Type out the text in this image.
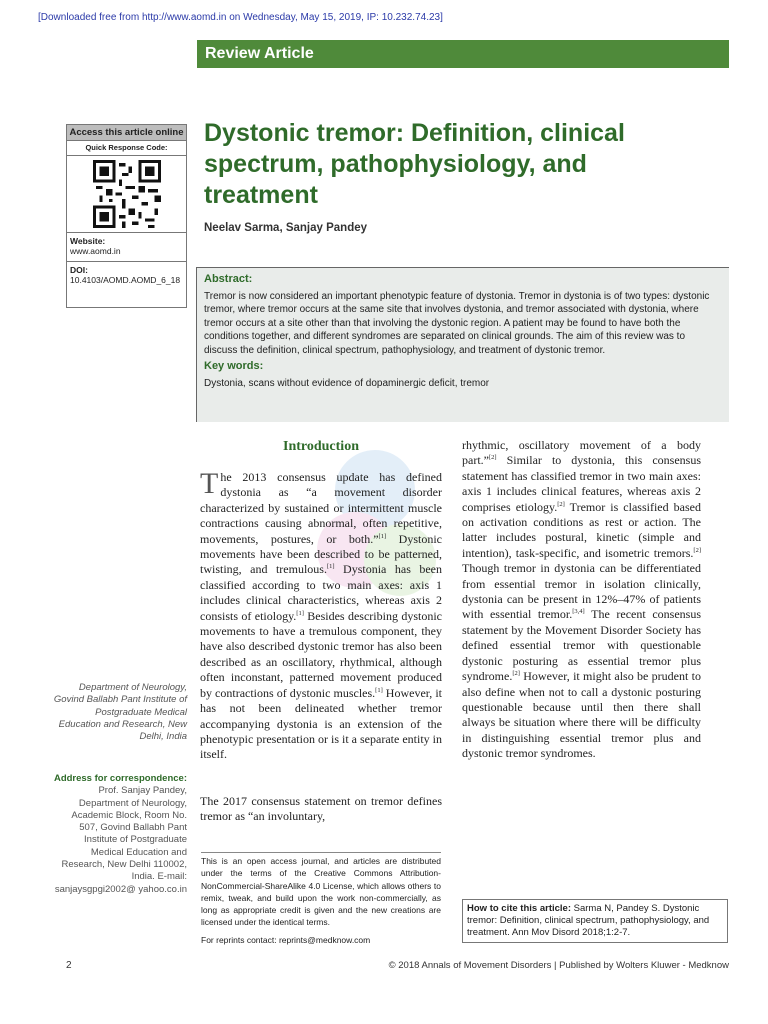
[Downloaded free from http://www.aomd.in on Wednesday, May 15, 2019, IP: 10.232.74.23]
Review Article
Access this article online
Quick Response Code:
Website:
www.aomd.in
DOI:
10.4103/AOMD.AOMD_6_18
Dystonic tremor: Definition, clinical spectrum, pathophysiology, and treatment
Neelav Sarma, Sanjay Pandey
Abstract:
Tremor is now considered an important phenotypic feature of dystonia. Tremor in dystonia is of two types: dystonic tremor, where tremor occurs at the same site that involves dystonia, and tremor associated with dystonia, where tremor occurs at a site other than that involving the dystonic region. A patient may be found to have both the conditions together, and different syndromes are separated on clinical grounds. The aim of this review was to discuss the definition, clinical spectrum, pathophysiology, and treatment of dystonic tremor.
Key words:
Dystonia, scans without evidence of dopaminergic deficit, tremor
Introduction

The 2013 consensus update has defined dystonia as “a movement disorder characterized by sustained or intermittent muscle contractions causing abnormal, often repetitive, movements, postures, or both.”[1] Dystonic movements have been described to be patterned, twisting, and tremulous.[1] Dystonia has been classified according to two main axes: axis 1 includes clinical characteristics, whereas axis 2 consists of etiology.[1] Besides describing dystonic movements to have a tremulous component, they have also described dystonic tremor has also been described as an oscillatory, rhythmical, although often inconstant, patterned movement produced by contractions of dystonic muscles.[1] However, it has not been delineated whether tremor accompanying dystonia is an extension of the phenotypic presentation or is it a separate entity in itself.

The 2017 consensus statement on tremor defines tremor as “an involuntary,
rhythmic, oscillatory movement of a body part.”[2] Similar to dystonia, this consensus statement has classified tremor in two main axes: axis 1 includes clinical features, whereas axis 2 comprises etiology.[2] Tremor is classified based on activation conditions as rest or action. The latter includes postural, kinetic (simple and intention), task-specific, and isometric tremors.[2] Though tremor in dystonia can be differentiated from essential tremor in isolation clinically, dystonia can be present in 12%–47% of patients with essential tremor.[3,4] The recent consensus statement by the Movement Disorder Society has defined essential tremor with questionable dystonic posturing as essential tremor plus syndrome.[2] However, it might also be prudent to also define when not to call a dystonic posturing questionable because until then there shall always be situation where there will be difficulty in distinguishing essential tremor plus and dystonic tremor syndromes.
Department of Neurology, Govind Ballabh Pant Institute of Postgraduate Medical Education and Research, New Delhi, India
Address for correspondence:
Prof. Sanjay Pandey, Department of Neurology, Academic Block, Room No. 507, Govind Ballabh Pant Institute of Postgraduate Medical Education and Research, New Delhi 110002, India. E-mail: sanjaysgpgi2002@ yahoo.co.in
This is an open access journal, and articles are distributed under the terms of the Creative Commons Attribution-NonCommercial-ShareAlike 4.0 License, which allows others to remix, tweak, and build upon the work non-commercially, as long as appropriate credit is given and the new creations are licensed under the identical terms.
For reprints contact: reprints@medknow.com
How to cite this article: Sarma N, Pandey S. Dystonic tremor: Definition, clinical spectrum, pathophysiology, and treatment. Ann Mov Disord 2018;1:2-7.
2	© 2018 Annals of Movement Disorders | Published by Wolters Kluwer - Medknow
